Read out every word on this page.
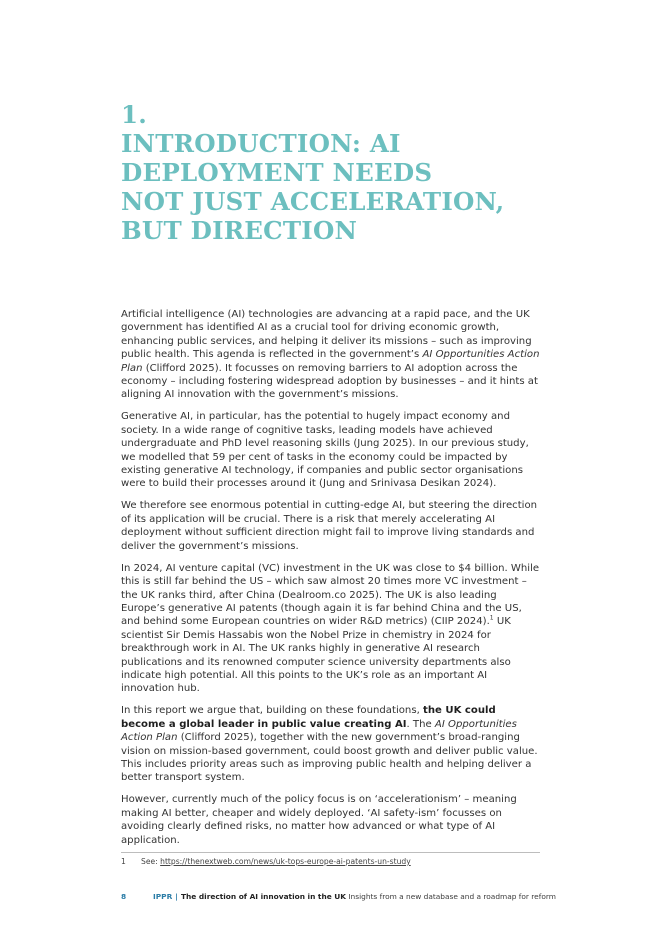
1.
INTRODUCTION: AI
DEPLOYMENT NEEDS
NOT JUST ACCELERATION,
BUT DIRECTION

Artificial intelligence (AI) technologies are advancing at a rapid pace, and the UK government has identified AI as a crucial tool for driving economic growth, enhancing public services, and helping it deliver its missions – such as improving public health. This agenda is reflected in the government’s AI Opportunities Action Plan (Clifford 2025). It focusses on removing barriers to AI adoption across the economy – including fostering widespread adoption by businesses – and it hints at aligning AI innovation with the government’s missions.

Generative AI, in particular, has the potential to hugely impact economy and society. In a wide range of cognitive tasks, leading models have achieved undergraduate and PhD level reasoning skills (Jung 2025). In our previous study, we modelled that 59 per cent of tasks in the economy could be impacted by existing generative AI technology, if companies and public sector organisations were to build their processes around it (Jung and Srinivasa Desikan 2024).

We therefore see enormous potential in cutting-edge AI, but steering the direction of its application will be crucial. There is a risk that merely accelerating AI deployment without sufficient direction might fail to improve living standards and deliver the government’s missions.

In 2024, AI venture capital (VC) investment in the UK was close to $4 billion. While this is still far behind the US – which saw almost 20 times more VC investment – the UK ranks third, after China (Dealroom.co 2025). The UK is also leading Europe’s generative AI patents (though again it is far behind China and the US, and behind some European countries on wider R&D metrics) (CIIP 2024).$^1$ UK scientist Sir Demis Hassabis won the Nobel Prize in chemistry in 2024 for breakthrough work in AI. The UK ranks highly in generative AI research publications and its renowned computer science university departments also indicate high potential. All this points to the UK’s role as an important AI innovation hub.

In this report we argue that, building on these foundations, the UK could become a global leader in public value creating AI. The AI Opportunities Action Plan (Clifford 2025), together with the new government’s broad-ranging vision on mission-based government, could boost growth and deliver public value. This includes priority areas such as improving public health and helping deliver a better transport system.

However, currently much of the policy focus is on ‘accelerationism’ – meaning making AI better, cheaper and widely deployed. ‘AI safety-ism’ focusses on avoiding clearly defined risks, no matter how advanced or what type of AI application.

1 See: https://thenextweb.com/news/uk-tops-europe-ai-patents-un-study
8	IPPR | The direction of AI innovation in the UK Insights from a new database and a roadmap for reform
